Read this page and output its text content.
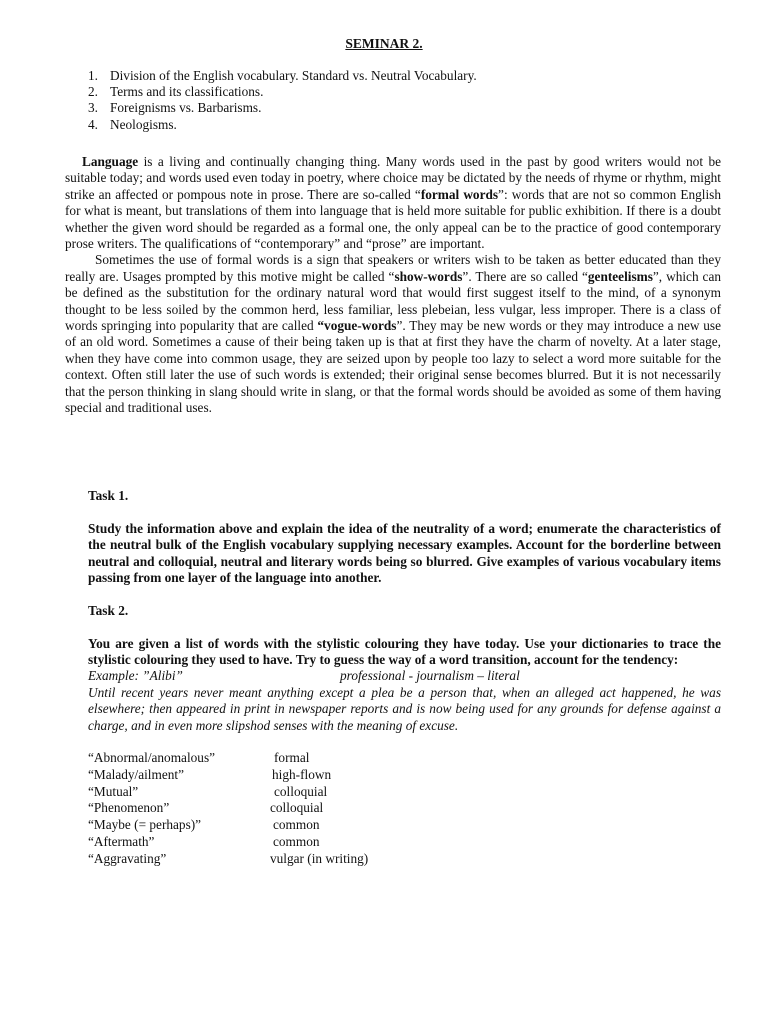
SEMINAR 2.
1. Division of the English vocabulary. Standard vs. Neutral Vocabulary.
2. Terms and its classifications.
3. Foreignisms vs. Barbarisms.
4. Neologisms.

Language is a living and continually changing thing. Many words used in the past by good writers would not be suitable today; and words used even today in poetry, where choice may be dictated by the needs of rhyme or rhythm, might strike an affected or pompous note in prose. There are so-called “formal words”: words that are not so common English for what is meant, but translations of them into language that is held more suitable for public exhibition. If there is a doubt whether the given word should be regarded as a formal one, the only appeal can be to the practice of good contemporary prose writers. The qualifications of “contemporary” and “prose” are important.

Sometimes the use of formal words is a sign that speakers or writers wish to be taken as better educated than they really are. Usages prompted by this motive might be called “show-words”. There are so called “genteelisms”, which can be defined as the substitution for the ordinary natural word that would first suggest itself to the mind, of a synonym thought to be less soiled by the common herd, less familiar, less plebeian, less vulgar, less improper. There is a class of words springing into popularity that are called “vogue-words”. They may be new words or they may introduce a new use of an old word. Sometimes a cause of their being taken up is that at first they have the charm of novelty. At a later stage, when they have come into common usage, they are seized upon by people too lazy to select a word more suitable for the context. Often still later the use of such words is extended; their original sense becomes blurred. But it is not necessarily that the person thinking in slang should write in slang, or that the formal words should be avoided as some of them having special and traditional uses.

Task 1.

Study the information above and explain the idea of the neutrality of a word; enumerate the characteristics of the neutral bulk of the English vocabulary supplying necessary examples. Account for the borderline between neutral and colloquial, neutral and literary words being so blurred. Give examples of various vocabulary items passing from one layer of the language into another.

Task 2.

You are given a list of words with the stylistic colouring they have today. Use your dictionaries to trace the stylistic colouring they used to have. Try to guess the way of a word transition, account for the tendency:

Example: ”Alibi”	professional - journalism – literal

Until recent years never meant anything except a plea be a person that, when an alleged act happened, he was elsewhere; then appeared in print in newspaper reports and is now being used for any grounds for defense against a charge, and in even more slipshod senses with the meaning of excuse.

“Abnormal/anomalous”	formal
“Malady/ailment”	high-flown
“Mutual”	colloquial
“Phenomenon”	colloquial
“Maybe (= perhaps)”	common
“Aftermath”	common
“Aggravating”	vulgar (in writing)
